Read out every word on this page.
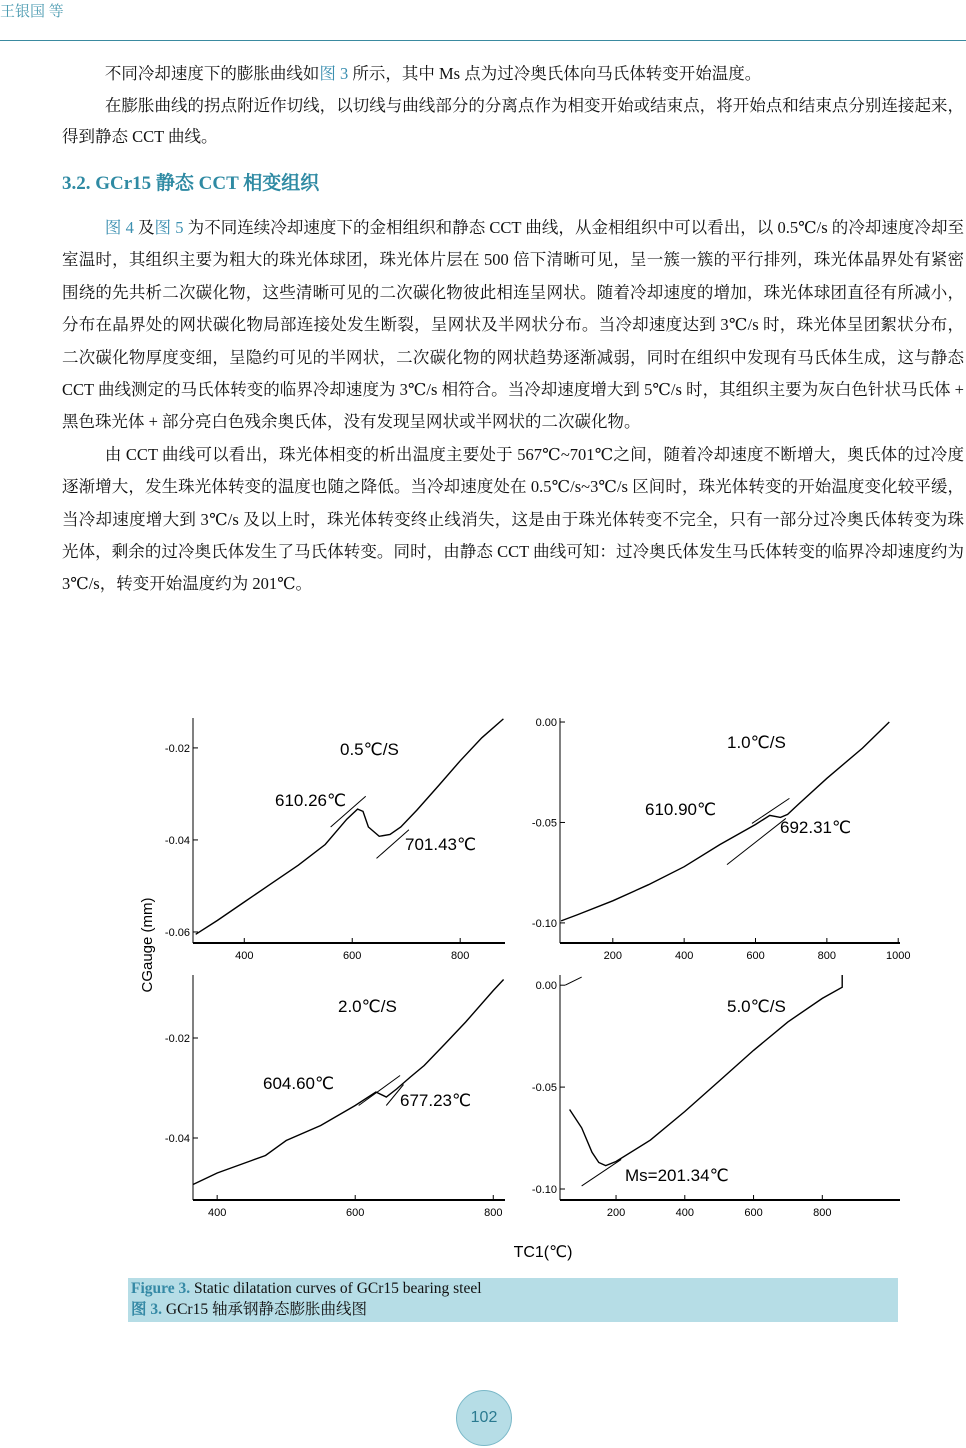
王银国 等

不同冷却速度下的膨胀曲线如图 3 所示，其中 Ms 点为过冷奥氏体向马氏体转变开始温度。

在膨胀曲线的拐点附近作切线，以切线与曲线部分的分离点作为相变开始或结束点，将开始点和结束点分别连接起来，得到静态 CCT 曲线。

3.2. GCr15 静态 CCT 相变组织

图 4 及图 5 为不同连续冷却速度下的金相组织和静态 CCT 曲线，从金相组织中可以看出，以 0.5℃/s 的冷却速度冷却至室温时，其组织主要为粗大的珠光体球团，珠光体片层在 500 倍下清晰可见，呈一簇一簇的平行排列，珠光体晶界处有紧密围绕的先共析二次碳化物，这些清晰可见的二次碳化物彼此相连呈网状。随着冷却速度的增加，珠光体球团直径有所减小，分布在晶界处的网状碳化物局部连接处发生断裂，呈网状及半网状分布。当冷却速度达到 3℃/s 时，珠光体呈团絮状分布，二次碳化物厚度变细，呈隐约可见的半网状，二次碳化物的网状趋势逐渐减弱，同时在组织中发现有马氏体生成，这与静态 CCT 曲线测定的马氏体转变的临界冷却速度为 3℃/s 相符合。当冷却速度增大到 5℃/s 时，其组织主要为灰白色针状马氏体 + 黑色珠光体 + 部分亮白色残余奥氏体，没有发现呈网状或半网状的二次碳化物。

由 CCT 曲线可以看出，珠光体相变的析出温度主要处于 567℃~701℃之间，随着冷却速度不断增大，奥氏体的过冷度逐渐增大，发生珠光体转变的温度也随之降低。当冷却速度处在 0.5℃/s~3℃/s 区间时，珠光体转变的开始温度变化较平缓，当冷却速度增大到 3℃/s 及以上时，珠光体转变终止线消失，这是由于珠光体转变不完全，只有一部分过冷奥氏体转变为珠光体，剩余的过冷奥氏体发生了马氏体转变。同时，由静态 CCT 曲线可知：过冷奥氏体发生马氏体转变的临界冷却速度约为 3℃/s，转变开始温度约为 201℃。

400	600	800
-0.02
-0.04
-0.06
0.5℃/S
610.26℃
701.43℃
200	400	600	800	1000
0.00
-0.05
-0.10
1.0℃/S
610.90℃
692.31℃
400	600	800
-0.02
-0.04
2.0℃/S
604.60℃
677.23℃
200	400	600	800
0.00
-0.05
-0.10
5.0℃/S
Ms=201.34℃
CGauge (mm)
TC1(℃)
Figure 3. Static dilatation curves of GCr15 bearing steel
图 3. GCr15 轴承钢静态膨胀曲线图
102
